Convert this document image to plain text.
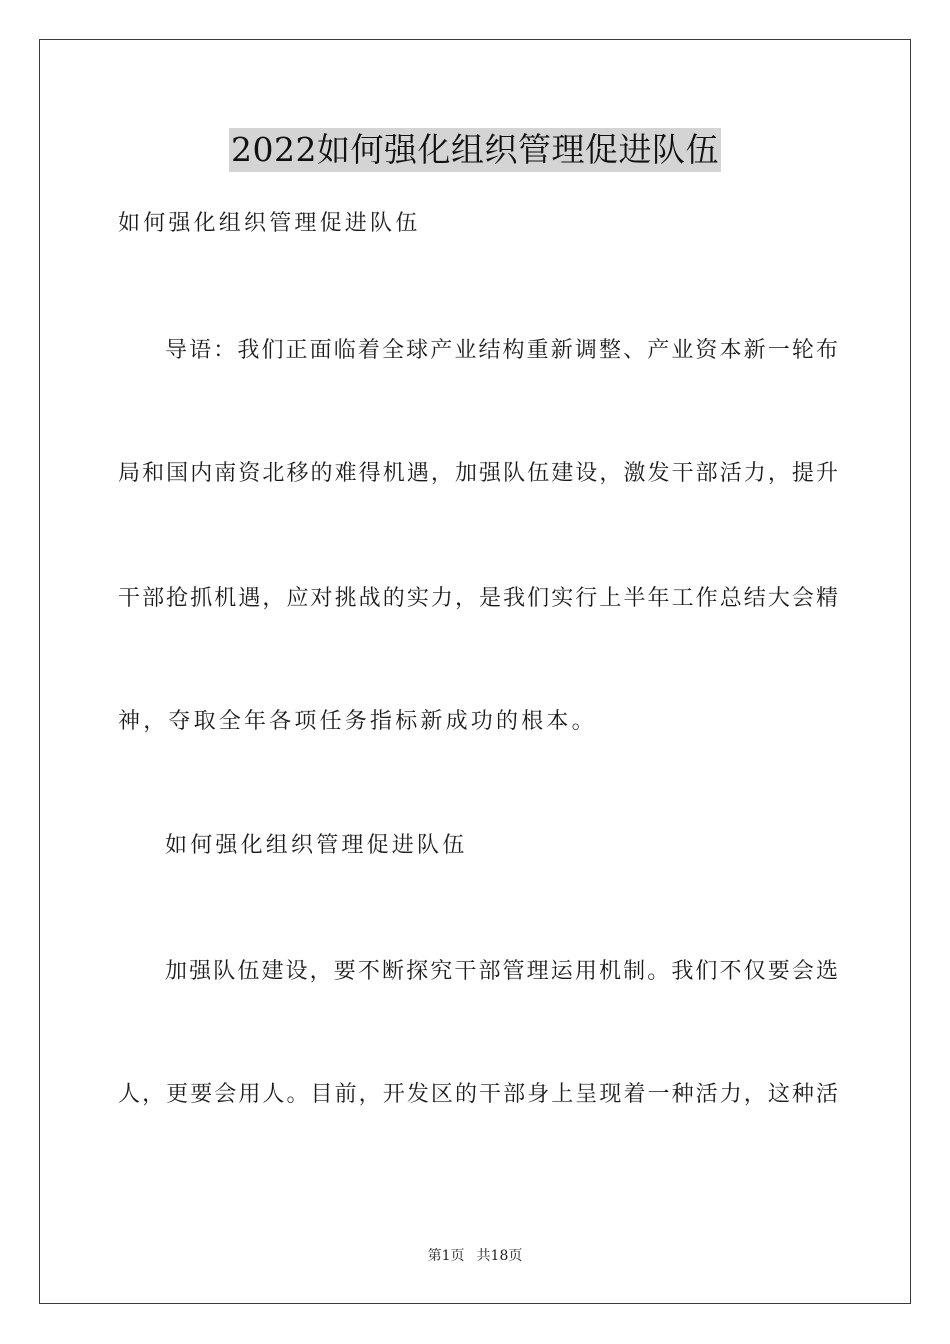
2022如何强化组织管理促进队伍
如何强化组织管理促进队伍
导语：我们正面临着全球产业结构重新调整、产业资本新一轮布
局和国内南资北移的难得机遇，加强队伍建设，激发干部活力，提升
干部抢抓机遇，应对挑战的实力，是我们实行上半年工作总结大会精
神，夺取全年各项任务指标新成功的根本。
如何强化组织管理促进队伍
加强队伍建设，要不断探究干部管理运用机制。我们不仅要会选
人，更要会用人。目前，开发区的干部身上呈现着一种活力，这种活
第1页 共18页
